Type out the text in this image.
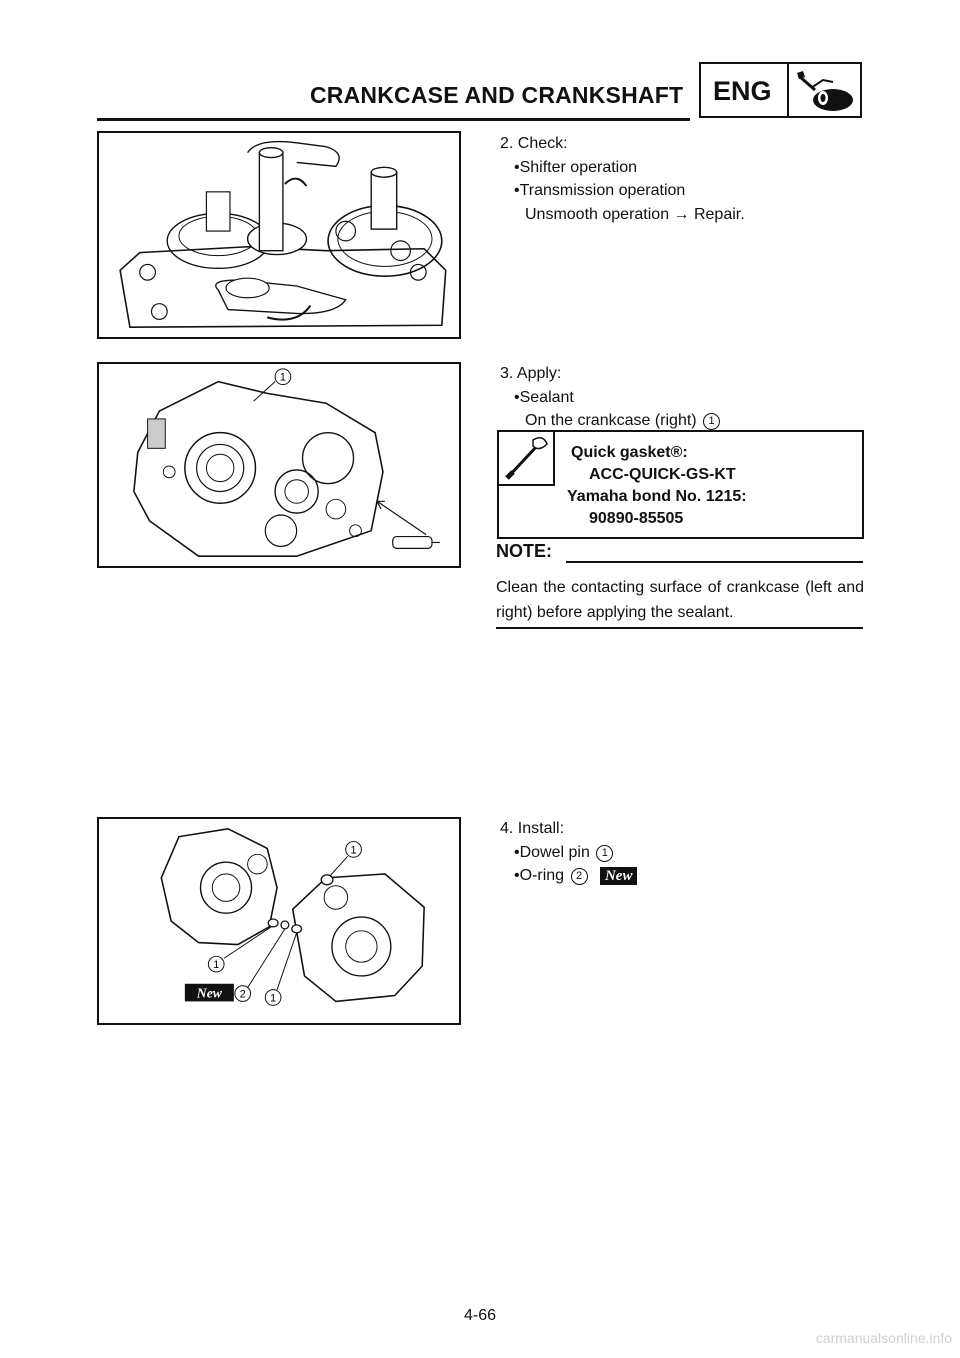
CRANKCASE AND CRANKSHAFT ENG
2. Check:
•Shifter operation
•Transmission operation
Unsmooth operation → Repair.
1	3. Apply:
•Sealant
On the crankcase (right) 1
Quick gasket®:
ACC-QUICK-GS-KT
Yamaha bond No. 1215:
90890-85505
NOTE:
Clean the contacting surface of crankcase (left and right) before applying the sealant.
1
1
1
2
New
4. Install:
•Dowel pin 1
•O-ring 2 New
4-66
carmanualsonline.info
